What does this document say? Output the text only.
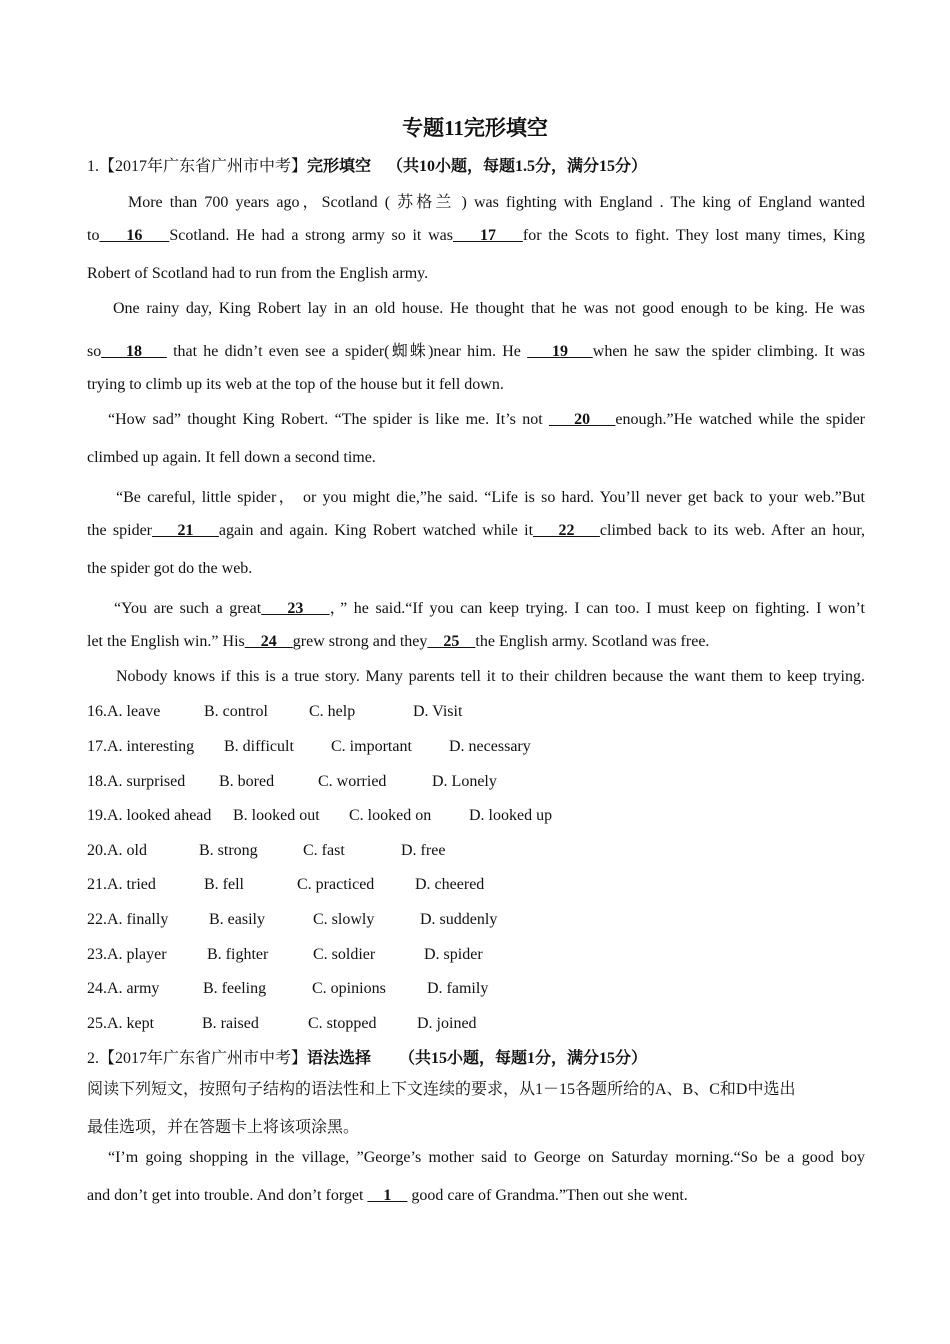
专题11完形填空
1.【2017年广东省广州市中考】完形填空 （共10小题，每题1.5分，满分15分）
More than 700 years ago，Scotland ( 苏格兰 ) was fighting with England . The king of England wanted
to    16    Scotland. He had a strong army so it was    17    for the Scots to fight. They lost many times, King
Robert of Scotland had to run from the English army.
One rainy day, King Robert lay in an old house. He thought that he was not good enough to be king. He was
so    18     that he didn’t even see a spider(蜘蛛)near him. He     19    when he saw the spider climbing. It was
trying to climb up its web at the top of the house but it fell down.
“How sad” thought King Robert. “The spider is like me. It’s not     20    enough.”He watched while the spider
climbed up again. It fell down a second time.
“Be careful, little spider， or you might die,”he said. “Life is so hard. You’ll never get back to your web.”But
the spider    21    again and again. King Robert watched while it    22    climbed back to its web. After an hour,
the spider got do the web.
“You are such a great    23    ，” he said.“If you can keep trying. I can too. I must keep on fighting. I won’t
let the English win.” His    24    grew strong and they    25    the English army. Scotland was free.
Nobody knows if this is a true story. Many parents tell it to their children because the want them to keep trying.
16.A. leave	B. control	C. help	D. Visit
17.A. interesting B. difficult C. important D. necessary
18.A. surprised B. bored	C. worried	D. Lonely
19.A. looked ahead B. looked out C. looked on D. looked up
20.A. old	B. strong	C. fast	D. free
21.A. tried	B. fell	C. practiced	D. cheered
22.A. finally	B. easily	C. slowly	D. suddenly
23.A. player	B. fighter	C. soldier	D. spider
24.A. army	B. feeling	C. opinions	D. family
25.A. kept	B. raised	C. stopped	D. joined
2.【2017年广东省广州市中考】语法选择 （共15小题，每题1分，满分15分）
阅读下列短文，按照句子结构的语法性和上下文连续的要求，从1－15各题所给的A、B、C和D中选出
最佳选项，并在答题卡上将该项涂黑。
“I’m going shopping in the village, ”George’s mother said to George on Saturday morning.“So be a good boy
and don’t get into trouble. And don’t forget     1     good care of Grandma.”Then out she went.
